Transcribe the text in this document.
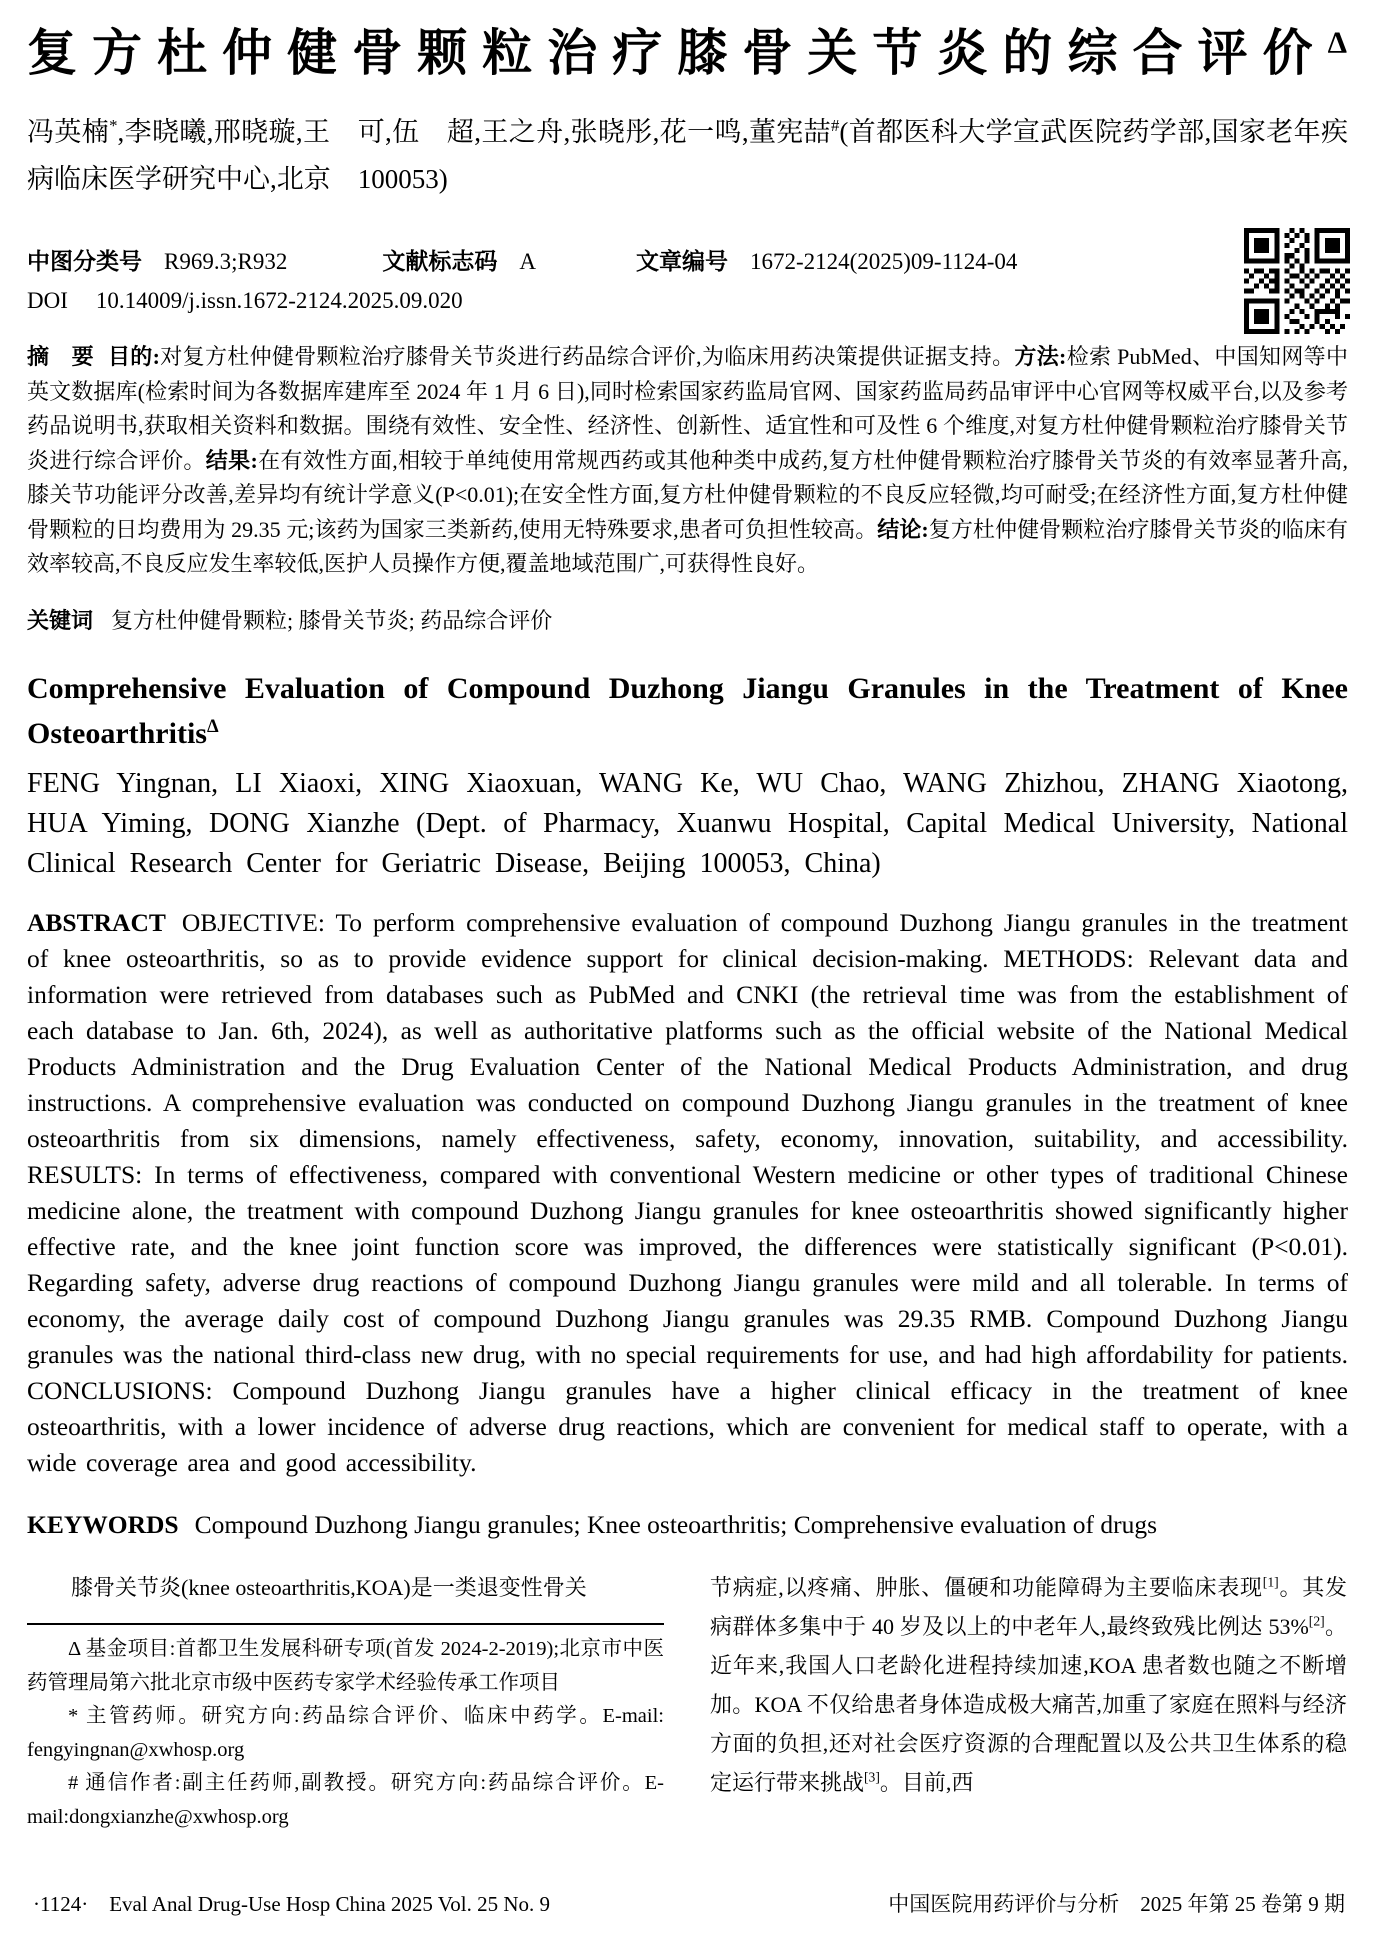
复方杜仲健骨颗粒治疗膝骨关节炎的综合评价$^\Delta$
冯英楠*,李晓曦,邢晓璇,王　可,伍　超,王之舟,张晓彤,花一鸣,董宪喆#(首都医科大学宣武医院药学部,国家老年疾病临床医学研究中心,北京　100053)
中图分类号 R969.3;R932	文献标志码 A	文章编号 1672-2124(2025)09-1124-04
DOI 10.14009/j.issn.1672-2124.2025.09.020

摘　要 目的:对复方杜仲健骨颗粒治疗膝骨关节炎进行药品综合评价,为临床用药决策提供证据支持。方法:检索 PubMed、中国知网等中英文数据库(检索时间为各数据库建库至 2024 年 1 月 6 日),同时检索国家药监局官网、国家药监局药品审评中心官网等权威平台,以及参考药品说明书,获取相关资料和数据。围绕有效性、安全性、经济性、创新性、适宜性和可及性 6 个维度,对复方杜仲健骨颗粒治疗膝骨关节炎进行综合评价。结果:在有效性方面,相较于单纯使用常规西药或其他种类中成药,复方杜仲健骨颗粒治疗膝骨关节炎的有效率显著升高,膝关节功能评分改善,差异均有统计学意义(P<0.01);在安全性方面,复方杜仲健骨颗粒的不良反应轻微,均可耐受;在经济性方面,复方杜仲健骨颗粒的日均费用为 29.35 元;该药为国家三类新药,使用无特殊要求,患者可负担性较高。结论:复方杜仲健骨颗粒治疗膝骨关节炎的临床有效率较高,不良反应发生率较低,医护人员操作方便,覆盖地域范围广,可获得性良好。

关键词 复方杜仲健骨颗粒; 膝骨关节炎; 药品综合评价

Comprehensive Evaluation of Compound Duzhong Jiangu Granules in the Treatment of Knee Osteoarthritis$^\Delta$
FENG Yingnan, LI Xiaoxi, XING Xiaoxuan, WANG Ke, WU Chao, WANG Zhizhou, ZHANG Xiaotong, HUA Yiming, DONG Xianzhe (Dept. of Pharmacy, Xuanwu Hospital, Capital Medical University, National Clinical Research Center for Geriatric Disease, Beijing 100053, China)

ABSTRACT OBJECTIVE: To perform comprehensive evaluation of compound Duzhong Jiangu granules in the treatment of knee osteoarthritis, so as to provide evidence support for clinical decision-making. METHODS: Relevant data and information were retrieved from databases such as PubMed and CNKI (the retrieval time was from the establishment of each database to Jan. 6th, 2024), as well as authoritative platforms such as the official website of the National Medical Products Administration and the Drug Evaluation Center of the National Medical Products Administration, and drug instructions. A comprehensive evaluation was conducted on compound Duzhong Jiangu granules in the treatment of knee osteoarthritis from six dimensions, namely effectiveness, safety, economy, innovation, suitability, and accessibility. RESULTS: In terms of effectiveness, compared with conventional Western medicine or other types of traditional Chinese medicine alone, the treatment with compound Duzhong Jiangu granules for knee osteoarthritis showed significantly higher effective rate, and the knee joint function score was improved, the differences were statistically significant (P<0.01). Regarding safety, adverse drug reactions of compound Duzhong Jiangu granules were mild and all tolerable. In terms of economy, the average daily cost of compound Duzhong Jiangu granules was 29.35 RMB. Compound Duzhong Jiangu granules was the national third-class new drug, with no special requirements for use, and had high affordability for patients. CONCLUSIONS: Compound Duzhong Jiangu granules have a higher clinical efficacy in the treatment of knee osteoarthritis, with a lower incidence of adverse drug reactions, which are convenient for medical staff to operate, with a wide coverage area and good accessibility.

KEYWORDS Compound Duzhong Jiangu granules; Knee osteoarthritis; Comprehensive evaluation of drugs

膝骨关节炎(knee osteoarthritis,KOA)是一类退变性骨关

Δ 基金项目:首都卫生发展科研专项(首发 2024-2-2019);北京市中医药管理局第六批北京市级中医药专家学术经验传承工作项目

* 主管药师。研究方向:药品综合评价、临床中药学。E-mail: fengyingnan@xwhosp.org

# 通信作者:副主任药师,副教授。研究方向:药品综合评价。E-mail:dongxianzhe@xwhosp.org

节病症,以疼痛、肿胀、僵硬和功能障碍为主要临床表现[1]。其发病群体多集中于 40 岁及以上的中老年人,最终致残比例达 53%[2]。近年来,我国人口老龄化进程持续加速,KOA 患者数也随之不断增加。KOA 不仅给患者身体造成极大痛苦,加重了家庭在照料与经济方面的负担,还对社会医疗资源的合理配置以及公共卫生体系的稳定运行带来挑战[3]。目前,西

·1124·　Eval Anal Drug-Use Hosp China 2025 Vol. 25 No. 9	中国医院用药评价与分析　2025 年第 25 卷第 9 期
